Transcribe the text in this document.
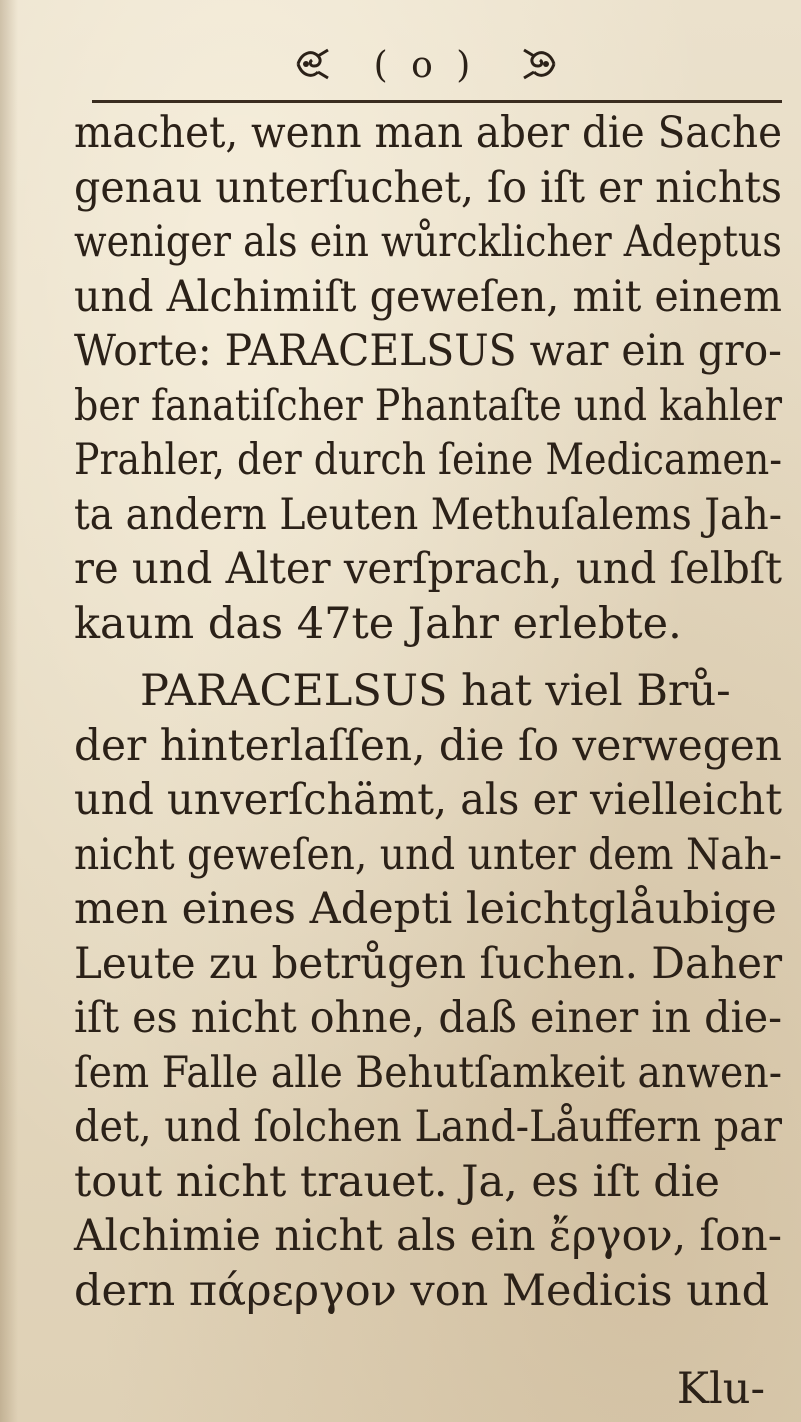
( o )
machet, wenn man aber die Sache
genau unterſuchet, ſo iſt er nichts
weniger als ein wůrcklicher Adeptus
und Alchimiſt geweſen, mit einem
Worte: PARACELSUS war ein gro-
ber fanatiſcher Phantaſte und kahler
Prahler, der durch ſeine Medicamen-
ta andern Leuten Methuſalems Jah-
re und Alter verſprach, und ſelbſt
kaum das 47te Jahr erlebte.
PARACELSUS hat viel Brů-
der hinterlaſſen, die ſo verwegen
und unverſchämt, als er vielleicht
nicht geweſen, und unter dem Nah-
men eines Adepti leichtglåubige
Leute zu betrůgen ſuchen. Daher
iſt es nicht ohne, daß einer in die-
ſem Falle alle Behutſamkeit anwen-
det, und ſolchen Land-Låuffern par
tout nicht trauet. Ja, es iſt die
Alchimie nicht als ein ἔργον, ſon-
dern πάρεργον von Medicis und
Klu-
